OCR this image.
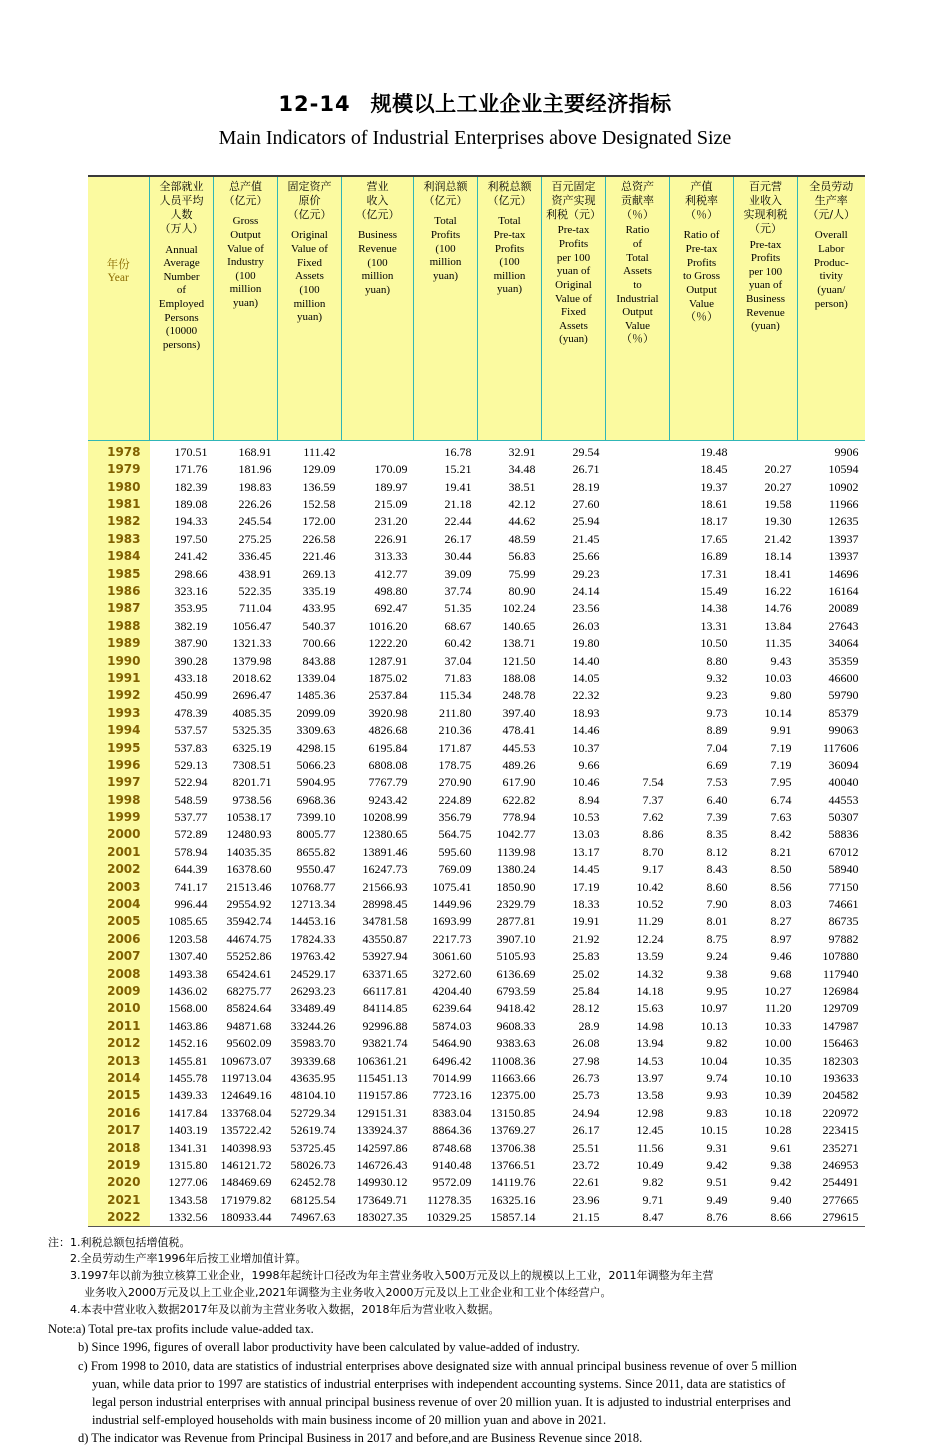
12-14 规模以上工业企业主要经济指标
Main Indicators of Industrial Enterprises above Designated Size
年份
Year

全部就业
人员平均
人数
（万人）
Annual
Average
Number
of
Employed
Persons
(10000
persons)

总产值
（亿元）
Gross
Output
Value of
Industry
(100
million
yuan)

固定资产
原价
（亿元）
Original
Value of
Fixed
Assets
(100
million
yuan)

营业
收入
（亿元）
Business
Revenue
(100
million
yuan)

利润总额
（亿元）
Total
Profits
(100
million
yuan)

利税总额
（亿元）
Total
Pre-tax
Profits
(100
million
yuan)

百元固定
资产实现
利税（元）
Pre-tax
Profits
per 100
yuan of
Original
Value of
Fixed
Assets
(yuan)

总资产
贡献率
（％）
Ratio
of
Total
Assets
to
Industrial
Output
Value
（％）

产值
利税率
（％）
Ratio of
Pre-tax
Profits
to Gross
Output
Value
（％）

百元营
业收入
实现利税
（元）
Pre-tax
Profits
per 100
yuan of
Business
Revenue
(yuan)

全员劳动
生产率
（元/人）
Overall
Labor
Produc-
tivity
(yuan/
person)

1978	170.51	168.91	111.42		16.78	32.91	29.54		19.48		9906
1979	171.76	181.96	129.09	170.09	15.21	34.48	26.71		18.45	20.27	10594
1980	182.39	198.83	136.59	189.97	19.41	38.51	28.19		19.37	20.27	10902
1981	189.08	226.26	152.58	215.09	21.18	42.12	27.60		18.61	19.58	11966
1982	194.33	245.54	172.00	231.20	22.44	44.62	25.94		18.17	19.30	12635
1983	197.50	275.25	226.58	226.91	26.17	48.59	21.45		17.65	21.42	13937
1984	241.42	336.45	221.46	313.33	30.44	56.83	25.66		16.89	18.14	13937
1985	298.66	438.91	269.13	412.77	39.09	75.99	29.23		17.31	18.41	14696
1986	323.16	522.35	335.19	498.80	37.74	80.90	24.14		15.49	16.22	16164
1987	353.95	711.04	433.95	692.47	51.35	102.24	23.56		14.38	14.76	20089
1988	382.19	1056.47	540.37	1016.20	68.67	140.65	26.03		13.31	13.84	27643
1989	387.90	1321.33	700.66	1222.20	60.42	138.71	19.80		10.50	11.35	34064
1990	390.28	1379.98	843.88	1287.91	37.04	121.50	14.40		8.80	9.43	35359
1991	433.18	2018.62	1339.04	1875.02	71.83	188.08	14.05		9.32	10.03	46600
1992	450.99	2696.47	1485.36	2537.84	115.34	248.78	22.32		9.23	9.80	59790
1993	478.39	4085.35	2099.09	3920.98	211.80	397.40	18.93		9.73	10.14	85379
1994	537.57	5325.35	3309.63	4826.68	210.36	478.41	14.46		8.89	9.91	99063
1995	537.83	6325.19	4298.15	6195.84	171.87	445.53	10.37		7.04	7.19	117606
1996	529.13	7308.51	5066.23	6808.08	178.75	489.26	9.66		6.69	7.19	36094
1997	522.94	8201.71	5904.95	7767.79	270.90	617.90	10.46	7.54	7.53	7.95	40040
1998	548.59	9738.56	6968.36	9243.42	224.89	622.82	8.94	7.37	6.40	6.74	44553
1999	537.77	10538.17	7399.10	10208.99	356.79	778.94	10.53	7.62	7.39	7.63	50307
2000	572.89	12480.93	8005.77	12380.65	564.75	1042.77	13.03	8.86	8.35	8.42	58836
2001	578.94	14035.35	8655.82	13891.46	595.60	1139.98	13.17	8.70	8.12	8.21	67012
2002	644.39	16378.60	9550.47	16247.73	769.09	1380.24	14.45	9.17	8.43	8.50	58940
2003	741.17	21513.46	10768.77	21566.93	1075.41	1850.90	17.19	10.42	8.60	8.56	77150
2004	996.44	29554.92	12713.34	28998.45	1449.96	2329.79	18.33	10.52	7.90	8.03	74661
2005	1085.65	35942.74	14453.16	34781.58	1693.99	2877.81	19.91	11.29	8.01	8.27	86735
2006	1203.58	44674.75	17824.33	43550.87	2217.73	3907.10	21.92	12.24	8.75	8.97	97882
2007	1307.40	55252.86	19763.42	53927.94	3061.60	5105.93	25.83	13.59	9.24	9.46	107880
2008	1493.38	65424.61	24529.17	63371.65	3272.60	6136.69	25.02	14.32	9.38	9.68	117940
2009	1436.02	68275.77	26293.23	66117.81	4204.40	6793.59	25.84	14.18	9.95	10.27	126984
2010	1568.00	85824.64	33489.49	84114.85	6239.64	9418.42	28.12	15.63	10.97	11.20	129709
2011	1463.86	94871.68	33244.26	92996.88	5874.03	9608.33	28.9	14.98	10.13	10.33	147987
2012	1452.16	95602.09	35983.70	93821.74	5464.90	9383.63	26.08	13.94	9.82	10.00	156463
2013	1455.81	109673.07	39339.68	106361.21	6496.42	11008.36	27.98	14.53	10.04	10.35	182303
2014	1455.78	119713.04	43635.95	115451.13	7014.99	11663.66	26.73	13.97	9.74	10.10	193633
2015	1439.33	124649.16	48104.10	119157.86	7723.16	12375.00	25.73	13.58	9.93	10.39	204582
2016	1417.84	133768.04	52729.34	129151.31	8383.04	13150.85	24.94	12.98	9.83	10.18	220972
2017	1403.19	135722.42	52619.74	133924.37	8864.36	13769.27	26.17	12.45	10.15	10.28	223415
2018	1341.31	140398.93	53725.45	142597.86	8748.68	13706.38	25.51	11.56	9.31	9.61	235271
2019	1315.80	146121.72	58026.73	146726.43	9140.48	13766.51	23.72	10.49	9.42	9.38	246953
2020	1277.06	148469.69	62452.78	149930.12	9572.09	14119.76	22.61	9.82	9.51	9.42	254491
2021	1343.58	171979.82	68125.54	173649.71	11278.35	16325.16	23.96	9.71	9.49	9.40	277665
2022	1332.56	180933.44	74967.63	183027.35	10329.25	15857.14	21.15	8.47	8.76	8.66	279615
注：1.利税总额包括增值税。
2.全员劳动生产率1996年后按工业增加值计算。
3.1997年以前为独立核算工业企业，1998年起统计口径改为年主营业务收入500万元及以上的规模以上工业，2011年调整为年主营
业务收入2000万元及以上工业企业,2021年调整为主业务收入2000万元及以上工业企业和工业个体经营户。
4.本表中营业收入数据2017年及以前为主营业务收入数据，2018年后为营业收入数据。
Note:a) Total pre-tax profits include value-added tax.
b) Since 1996, figures of overall labor productivity have been calculated by value-added of industry.
c) From 1998 to 2010, data are statistics of industrial enterprises above designated size with annual principal business revenue of over 5 million
yuan, while data prior to 1997 are statistics of industrial enterprises with independent accounting systems. Since 2011, data are statistics of
legal person industrial enterprises with annual principal business revenue of over 20 million yuan. It is adjusted to industrial enterprises and
industrial self-employed households with main business income of 20 million yuan and above in 2021.
d) The indicator was Revenue from Principal Business in 2017 and before,and are Business Revenue since 2018.
